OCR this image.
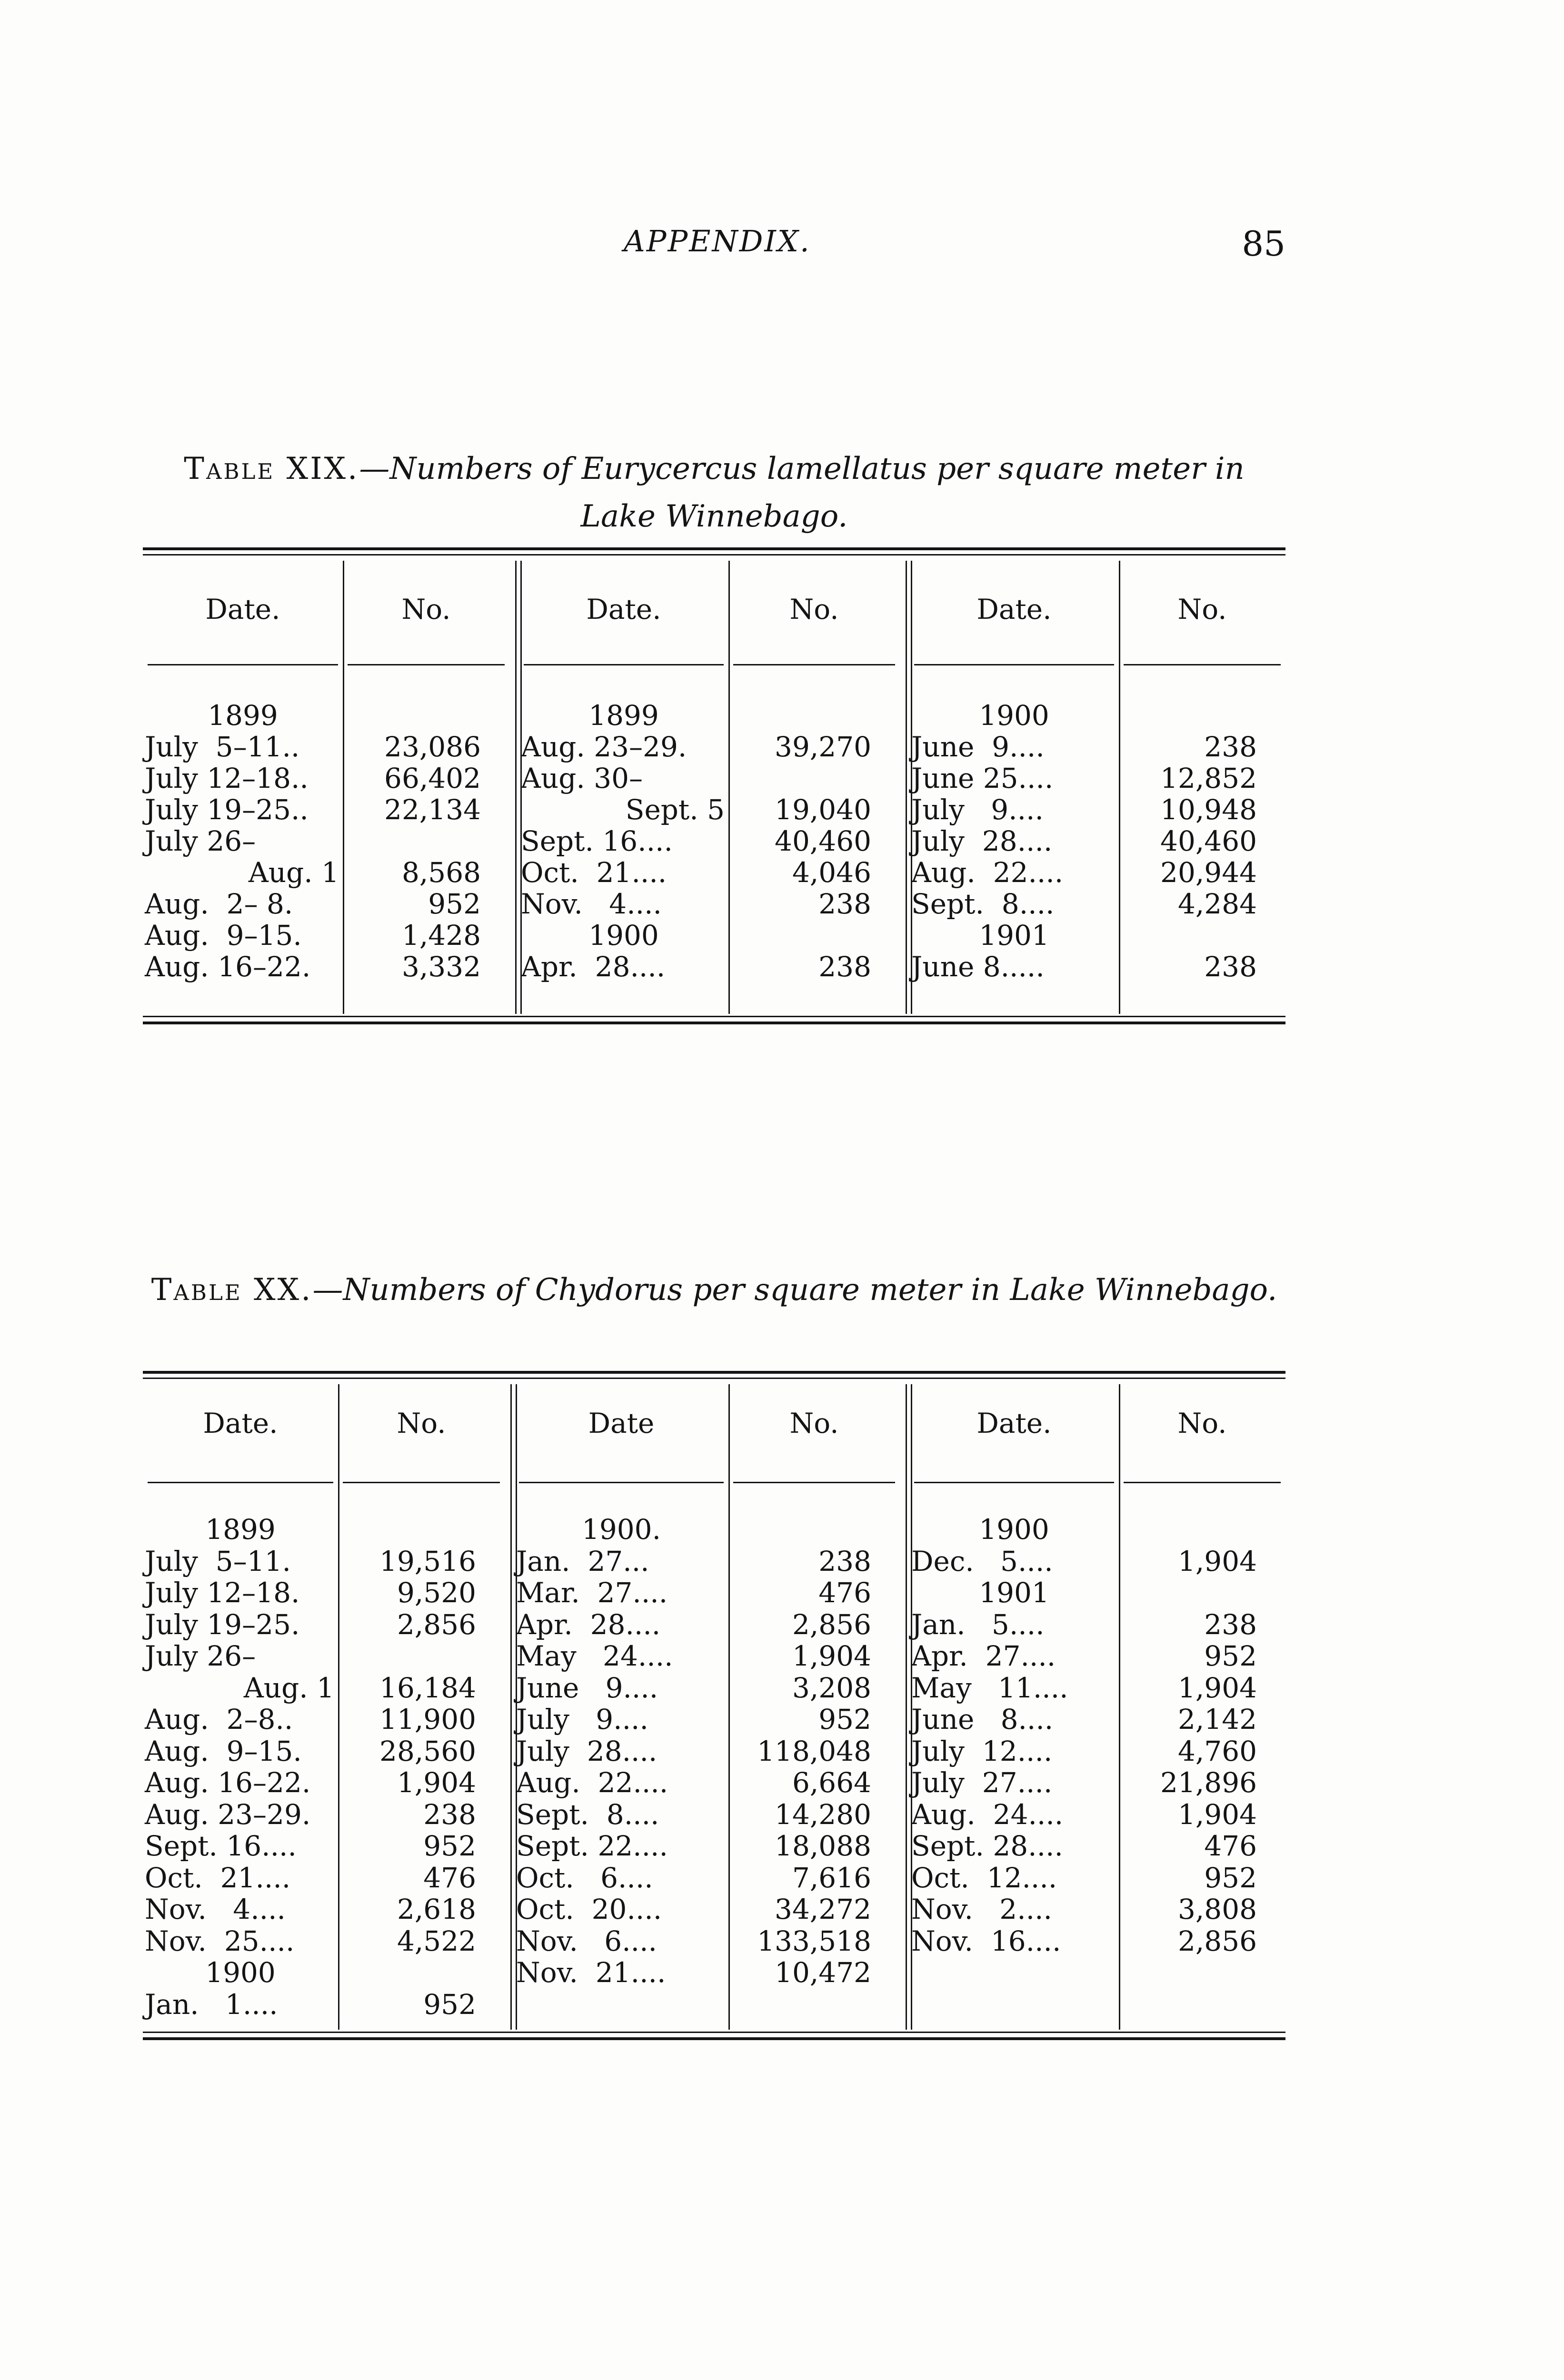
APPENDIX.	85
Table XIX.—Numbers of Eurycercus lamellatus per square meter in Lake Winnebago.
Date.	No.	Date.	No.	Date.	No.
1899
July  5–11..	23,086
July 12–18..	66,402
July 19–25..	22,134
July 26–
Aug. 1	8,568
Aug.  2– 8.	952
Aug.  9–15.	1,428
Aug. 16–22.	3,332
1899
Aug. 23–29.	39,270
Aug. 30–
Sept. 5	19,040
Sept. 16....	40,460
Oct.  21....	4,046
Nov.   4....	238
1900
Apr.  28....	238
1900
June  9....	238
June 25....	12,852
July   9....	10,948
July  28....	40,460
Aug.  22....	20,944
Sept.  8....	4,284
1901
June 8.....	238
Table XX.—Numbers of Chydorus per square meter in Lake Winnebago.
Date.	No.	Date	No.	Date.	No.
1899
July  5–11.	19,516
July 12–18.	9,520
July 19–25.	2,856
July 26–
Aug. 1	16,184
Aug.  2–8..	11,900
Aug.  9–15.	28,560
Aug. 16–22.	1,904
Aug. 23–29.	238
Sept. 16....	952
Oct.  21....	476
Nov.   4....	2,618
Nov.  25....	4,522
1900
Jan.   1....	952
1900.
Jan.  27...	238
Mar.  27....	476
Apr.  28....	2,856
May   24....	1,904
June   9....	3,208
July   9....	952
July  28....	118,048
Aug.  22....	6,664
Sept.  8....	14,280
Sept. 22....	18,088
Oct.   6....	7,616
Oct.  20....	34,272
Nov.   6....	133,518
Nov.  21....	10,472
1900
Dec.   5....	1,904
1901
Jan.   5....	238
Apr.  27....	952
May   11....	1,904
June   8....	2,142
July  12....	4,760
July  27....	21,896
Aug.  24....	1,904
Sept. 28....	476
Oct.  12....	952
Nov.   2....	3,808
Nov.  16....	2,856
